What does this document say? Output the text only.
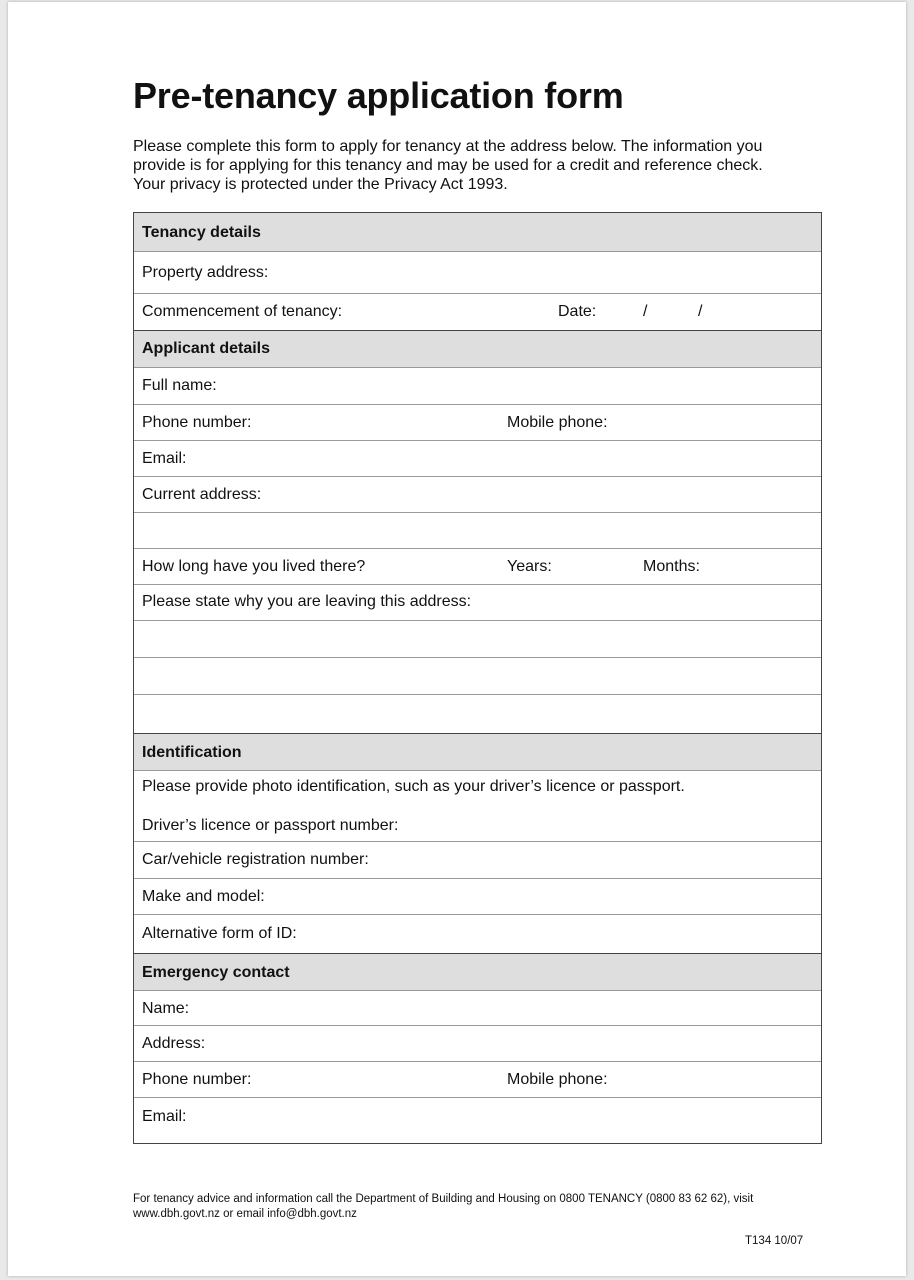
Pre-tenancy application form

Please complete this form to apply for tenancy at the address below. The information you
provide is for applying for this tenancy and may be used for a credit and reference check.
Your privacy is protected under the Privacy Act 1993.

Tenancy details
Property address:
Commencement of tenancy:	Date:	/	/
Applicant details
Full name:
Phone number:	Mobile phone:
Email:
Current address:
How long have you lived there?	Years:	Months:
Please state why you are leaving this address:
Identification
Please provide photo identification, such as your driver’s licence or passport.
Driver’s licence or passport number:
Car/vehicle registration number:
Make and model:
Alternative form of ID:
Emergency contact
Name:
Address:
Phone number:	Mobile phone:
Email:

For tenancy advice and information call the Department of Building and Housing on 0800 TENANCY (0800 83 62 62), visit
www.dbh.govt.nz or email info@dbh.govt.nz

T134 10/07
